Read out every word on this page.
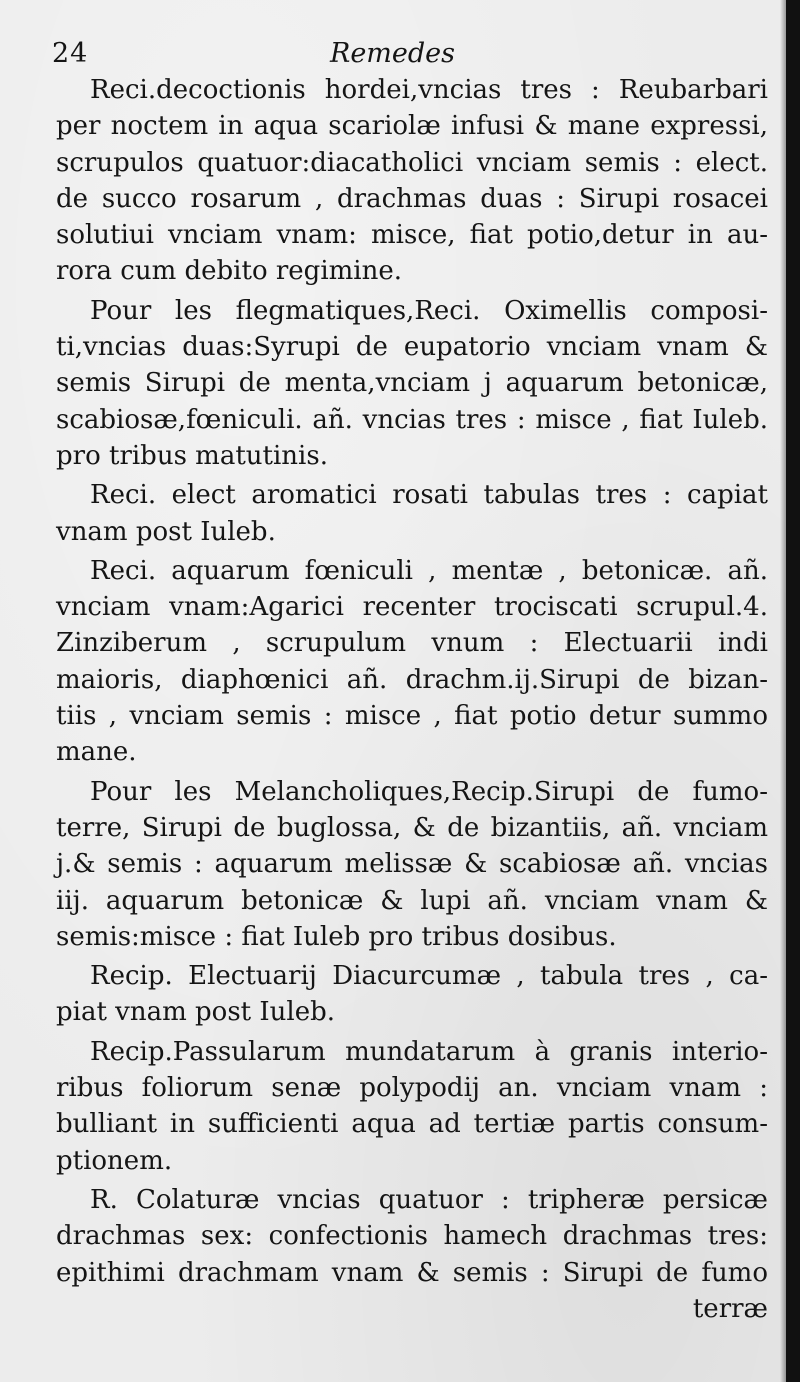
24	Remedes
Reci.decoctionis hordei,vncias tres : Reubarbari
per noctem in aqua scariolæ infusi & mane expressi,
scrupulos quatuor:diacatholici vnciam semis : elect.
de succo rosarum , drachmas duas : Sirupi rosacei
solutiui vnciam vnam: misce, fiat potio,detur in au-
rora cum debito regimine.
Pour les flegmatiques,Reci. Oximellis composi-
ti,vncias duas:Syrupi de eupatorio vnciam vnam &
semis Sirupi de menta,vnciam j aquarum betonicæ,
scabiosæ,fœniculi. añ. vncias tres : misce , fiat Iuleb.
pro tribus matutinis.
Reci. elect aromatici rosati tabulas tres : capiat
vnam post Iuleb.
Reci. aquarum fœniculi , mentæ , betonicæ. añ.
vnciam vnam:Agarici recenter trociscati scrupul.4.
Zinziberum , scrupulum vnum : Electuarii indi
maioris, diaphœnici añ. drachm.ij.Sirupi de bizan-
tiis , vnciam semis : misce , fiat potio detur summo
mane.
Pour les Melancholiques,Recip.Sirupi de fumo-
terre, Sirupi de buglossa, & de bizantiis, añ. vnciam
j.& semis : aquarum melissæ & scabiosæ añ. vncias
iij. aquarum betonicæ & lupi añ. vnciam vnam &
semis:misce : fiat Iuleb pro tribus dosibus.
Recip. Electuarij Diacurcumæ , tabula tres , ca-
piat vnam post Iuleb.
Recip.Passularum mundatarum à granis interio-
ribus foliorum senæ polypodij an. vnciam vnam :
bulliant in sufficienti aqua ad tertiæ partis consum-
ptionem.
R. Colaturæ vncias quatuor : tripheræ persicæ
drachmas sex: confectionis hamech drachmas tres:
epithimi drachmam vnam & semis : Sirupi de fumo
terræ
